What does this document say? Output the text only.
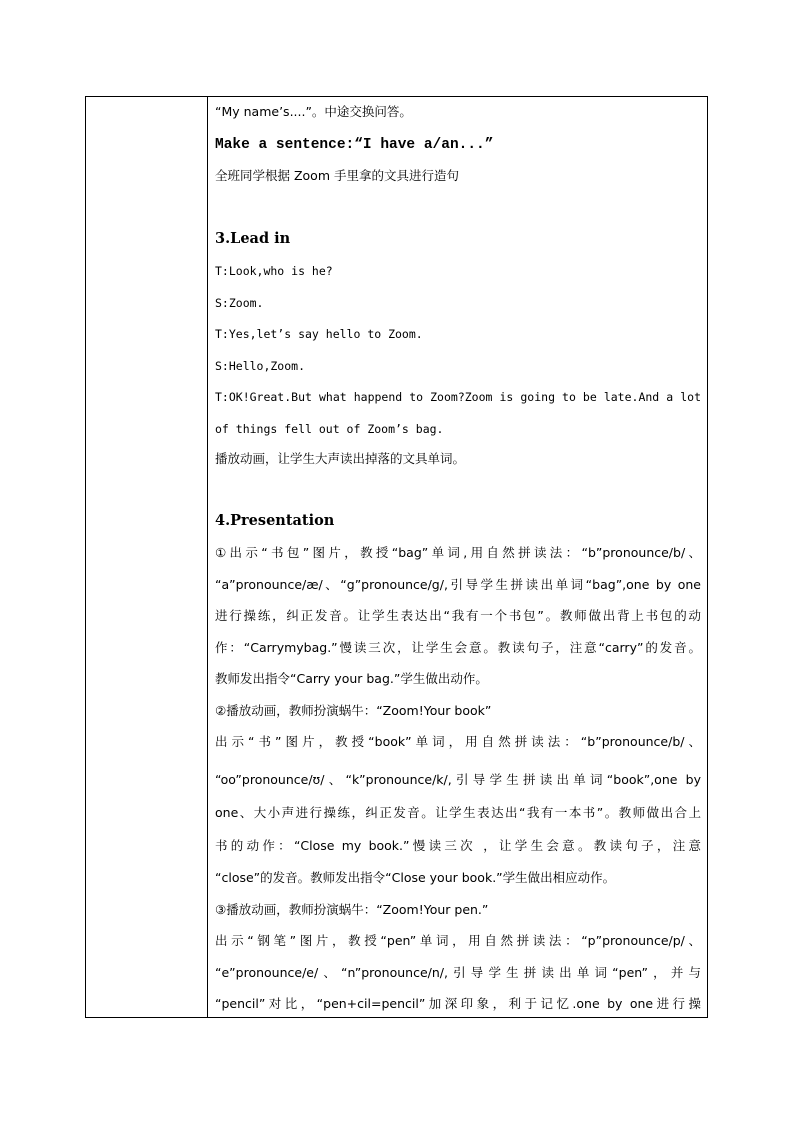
“My name’s....”。中途交换问答。
Make a sentence:“I have a/an...”
全班同学根据 Zoom 手里拿的文具进行造句
3.Lead in
T:Look,who is he?
S:Zoom.
T:Yes,let’s say hello to Zoom.
S:Hello,Zoom.
T:OK!Great.But what happend to Zoom?Zoom is going to be late.And a lot
of things fell out of Zoom’s bag.
播放动画，让学生大声读出掉落的文具单词。
4.Presentation
①出示“书包”图片，教授“bag”单词,用自然拼读法：“b”pronounce/b/、
“a”pronounce/æ/、“g”pronounce/g/,引导学生拼读出单词“bag”,one by one
进行操练，纠正发音。让学生表达出“我有一个书包”。教师做出背上书包的动
作：“Carrymybag.”慢读三次，让学生会意。教读句子，注意“carry”的发音。
教师发出指令“Carry your bag.”学生做出动作。
②播放动画，教师扮演蜗牛：“Zoom!Your book”
出示“书”图片，教授“book”单词，用自然拼读法：“b”pronounce/b/、
“oo”pronounce/ʊ/、“k”pronounce/k/,引导学生拼读出单词“book”,one by
one、大小声进行操练，纠正发音。让学生表达出“我有一本书”。教师做出合上
书的动作：“Close my book.”慢读三次 ，让学生会意。教读句子，注意
“close”的发音。教师发出指令“Close your book.”学生做出相应动作。
③播放动画，教师扮演蜗牛：“Zoom!Your pen.”
出示“钢笔”图片，教授“pen”单词，用自然拼读法：“p”pronounce/p/、
“e”pronounce/e/、“n”pronounce/n/,引导学生拼读出单词“pen”，并与
“pencil”对比，“pen+cil=pencil”加深印象，利于记忆.one by one进行操
